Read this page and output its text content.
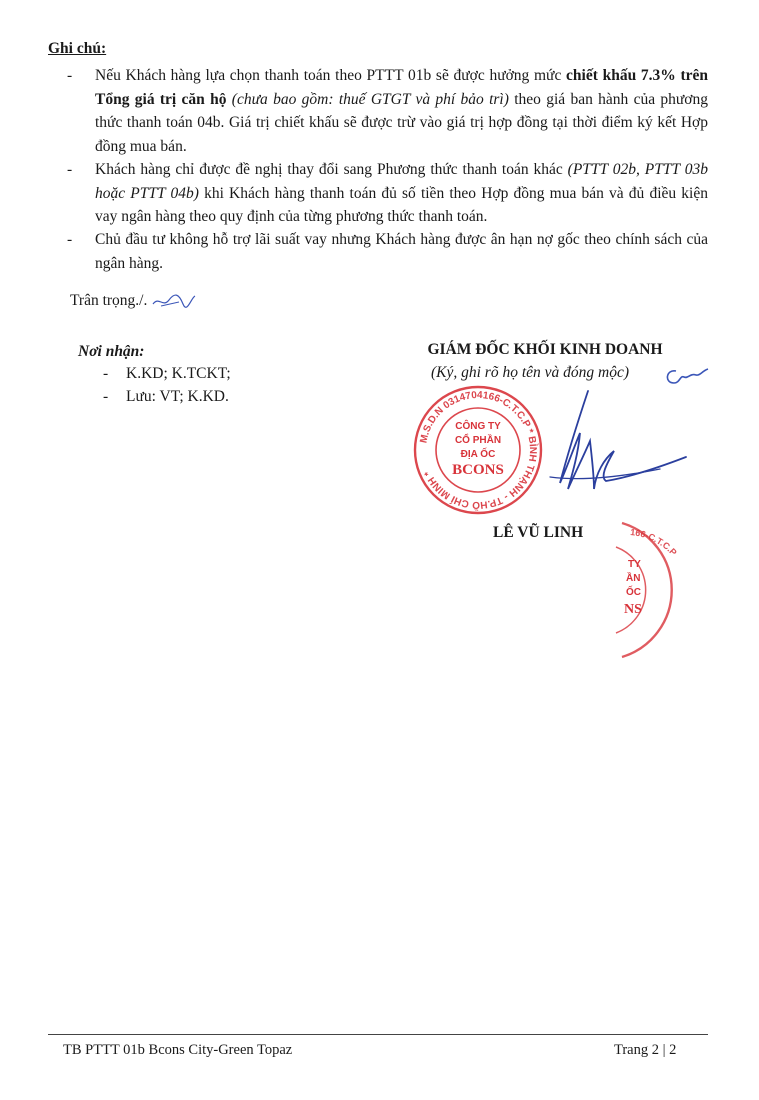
Ghi chú:
-	Nếu Khách hàng lựa chọn thanh toán theo PTTT 01b sẽ được hưởng mức chiết khấu 7.3% trên Tổng giá trị căn hộ (chưa bao gồm: thuế GTGT và phí bảo trì) theo giá ban hành của phương thức thanh toán 04b. Giá trị chiết khấu sẽ được trừ vào giá trị hợp đồng tại thời điểm ký kết Hợp đồng mua bán.
-	Khách hàng chỉ được đề nghị thay đổi sang Phương thức thanh toán khác (PTTT 02b, PTTT 03b hoặc PTTT 04b) khi Khách hàng thanh toán đủ số tiền theo Hợp đồng mua bán và đủ điều kiện vay ngân hàng theo quy định của từng phương thức thanh toán.
-	Chủ đầu tư không hỗ trợ lãi suất vay nhưng Khách hàng được ân hạn nợ gốc theo chính sách của ngân hàng.
Trân trọng./.
Nơi nhận:
- K.KD; K.TCKT;
- Lưu: VT; K.KD.
GIÁM ĐỐC KHỐI KINH DOANH
(Ký, ghi rõ họ tên và đóng mộc)
M.S.D.N 0314704166-C.T.C.P * BÌNH THẠNH - TP.HỒ CHÍ MINH *
CÔNG TY
CỔ PHẦN
ĐỊA ỐC
BCONS
166-C.T.C.P
TY
ẦN
ỐC
NS
LÊ VŨ LINH
TB PTTT 01b Bcons City-Green Topaz	Trang 2 | 2
